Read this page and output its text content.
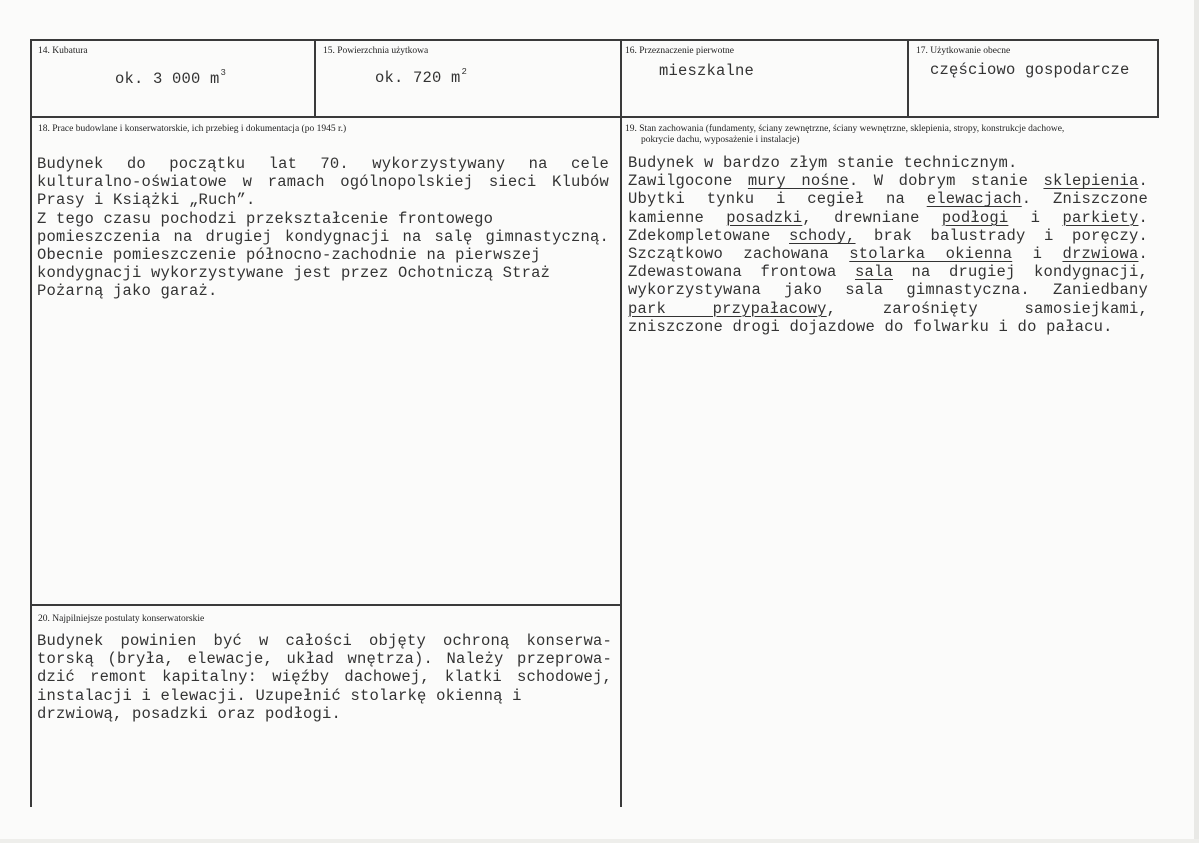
14. Kubatura
ok. 3 000 $m^3$
15. Powierzchnia użytkowa
ok. 720 $m^2$
16. Przeznaczenie pierwotne
mieszkalne
17. Użytkowanie obecne
częściowo gospodarcze
18. Prace budowlane i konserwatorskie, ich przebieg i dokumentacja (po 1945 r.)
Budynek do początku lat 70. wykorzystywany na cele
kulturalno-oświatowe w ramach ogólnopolskiej sieci Klubów
Prasy i Książki „Ruch”.
Z tego czasu pochodzi przekształcenie frontowego
pomieszczenia na drugiej kondygnacji na salę gimnastyczną.
Obecnie pomieszczenie północno-zachodnie na pierwszej
kondygnacji wykorzystywane jest przez Ochotniczą Straż
Pożarną jako garaż.
19. Stan zachowania (fundamenty, ściany zewnętrzne, ściany wewnętrzne, sklepienia, stropy, konstrukcje dachowe,
pokrycie dachu, wyposażenie i instalacje)
Budynek w bardzo złym stanie technicznym.
Zawilgocone mury nośne. W dobrym stanie sklepienia.
Ubytki tynku i cegieł na elewacjach. Zniszczone
kamienne posadzki, drewniane podłogi i parkiety.
Zdekompletowane schody, brak balustrady i poręczy.
Szczątkowo zachowana stolarka okienna i drzwiowa.
Zdewastowana frontowa sala na drugiej kondygnacji,
wykorzystywana jako sala gimnastyczna. Zaniedbany
park przypałacowy, zarośnięty samosiejkami,
zniszczone drogi dojazdowe do folwarku i do pałacu.
20. Najpilniejsze postulaty konserwatorskie
Budynek powinien być w całości objęty ochroną konserwa-
torską (bryła, elewacje, układ wnętrza). Należy przeprowa-
dzić remont kapitalny: więźby dachowej, klatki schodowej,
instalacji i elewacji. Uzupełnić stolarkę okienną i
drzwiową, posadzki oraz podłogi.
